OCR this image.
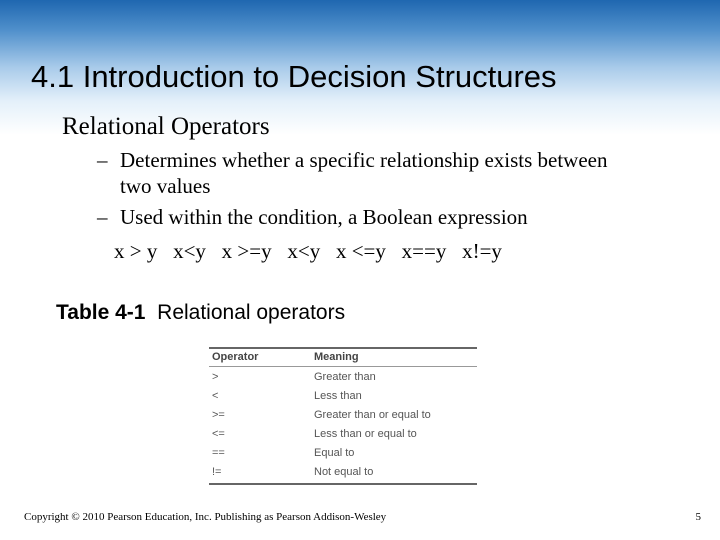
4.1 Introduction to Decision Structures
Relational Operators
– Determines whether a specific relationship exists between
two values
– Used within the condition, a Boolean expression
x > y   x<y   x >=y   x<y   x <=y   x==y   x!=y
Table 4-1  Relational operators
Operator	Meaning
>	Greater than
<	Less than
>=	Greater than or equal to
<=	Less than or equal to
==	Equal to
!=	Not equal to
Copyright © 2010 Pearson Education, Inc. Publishing as Pearson Addison-Wesley	5
